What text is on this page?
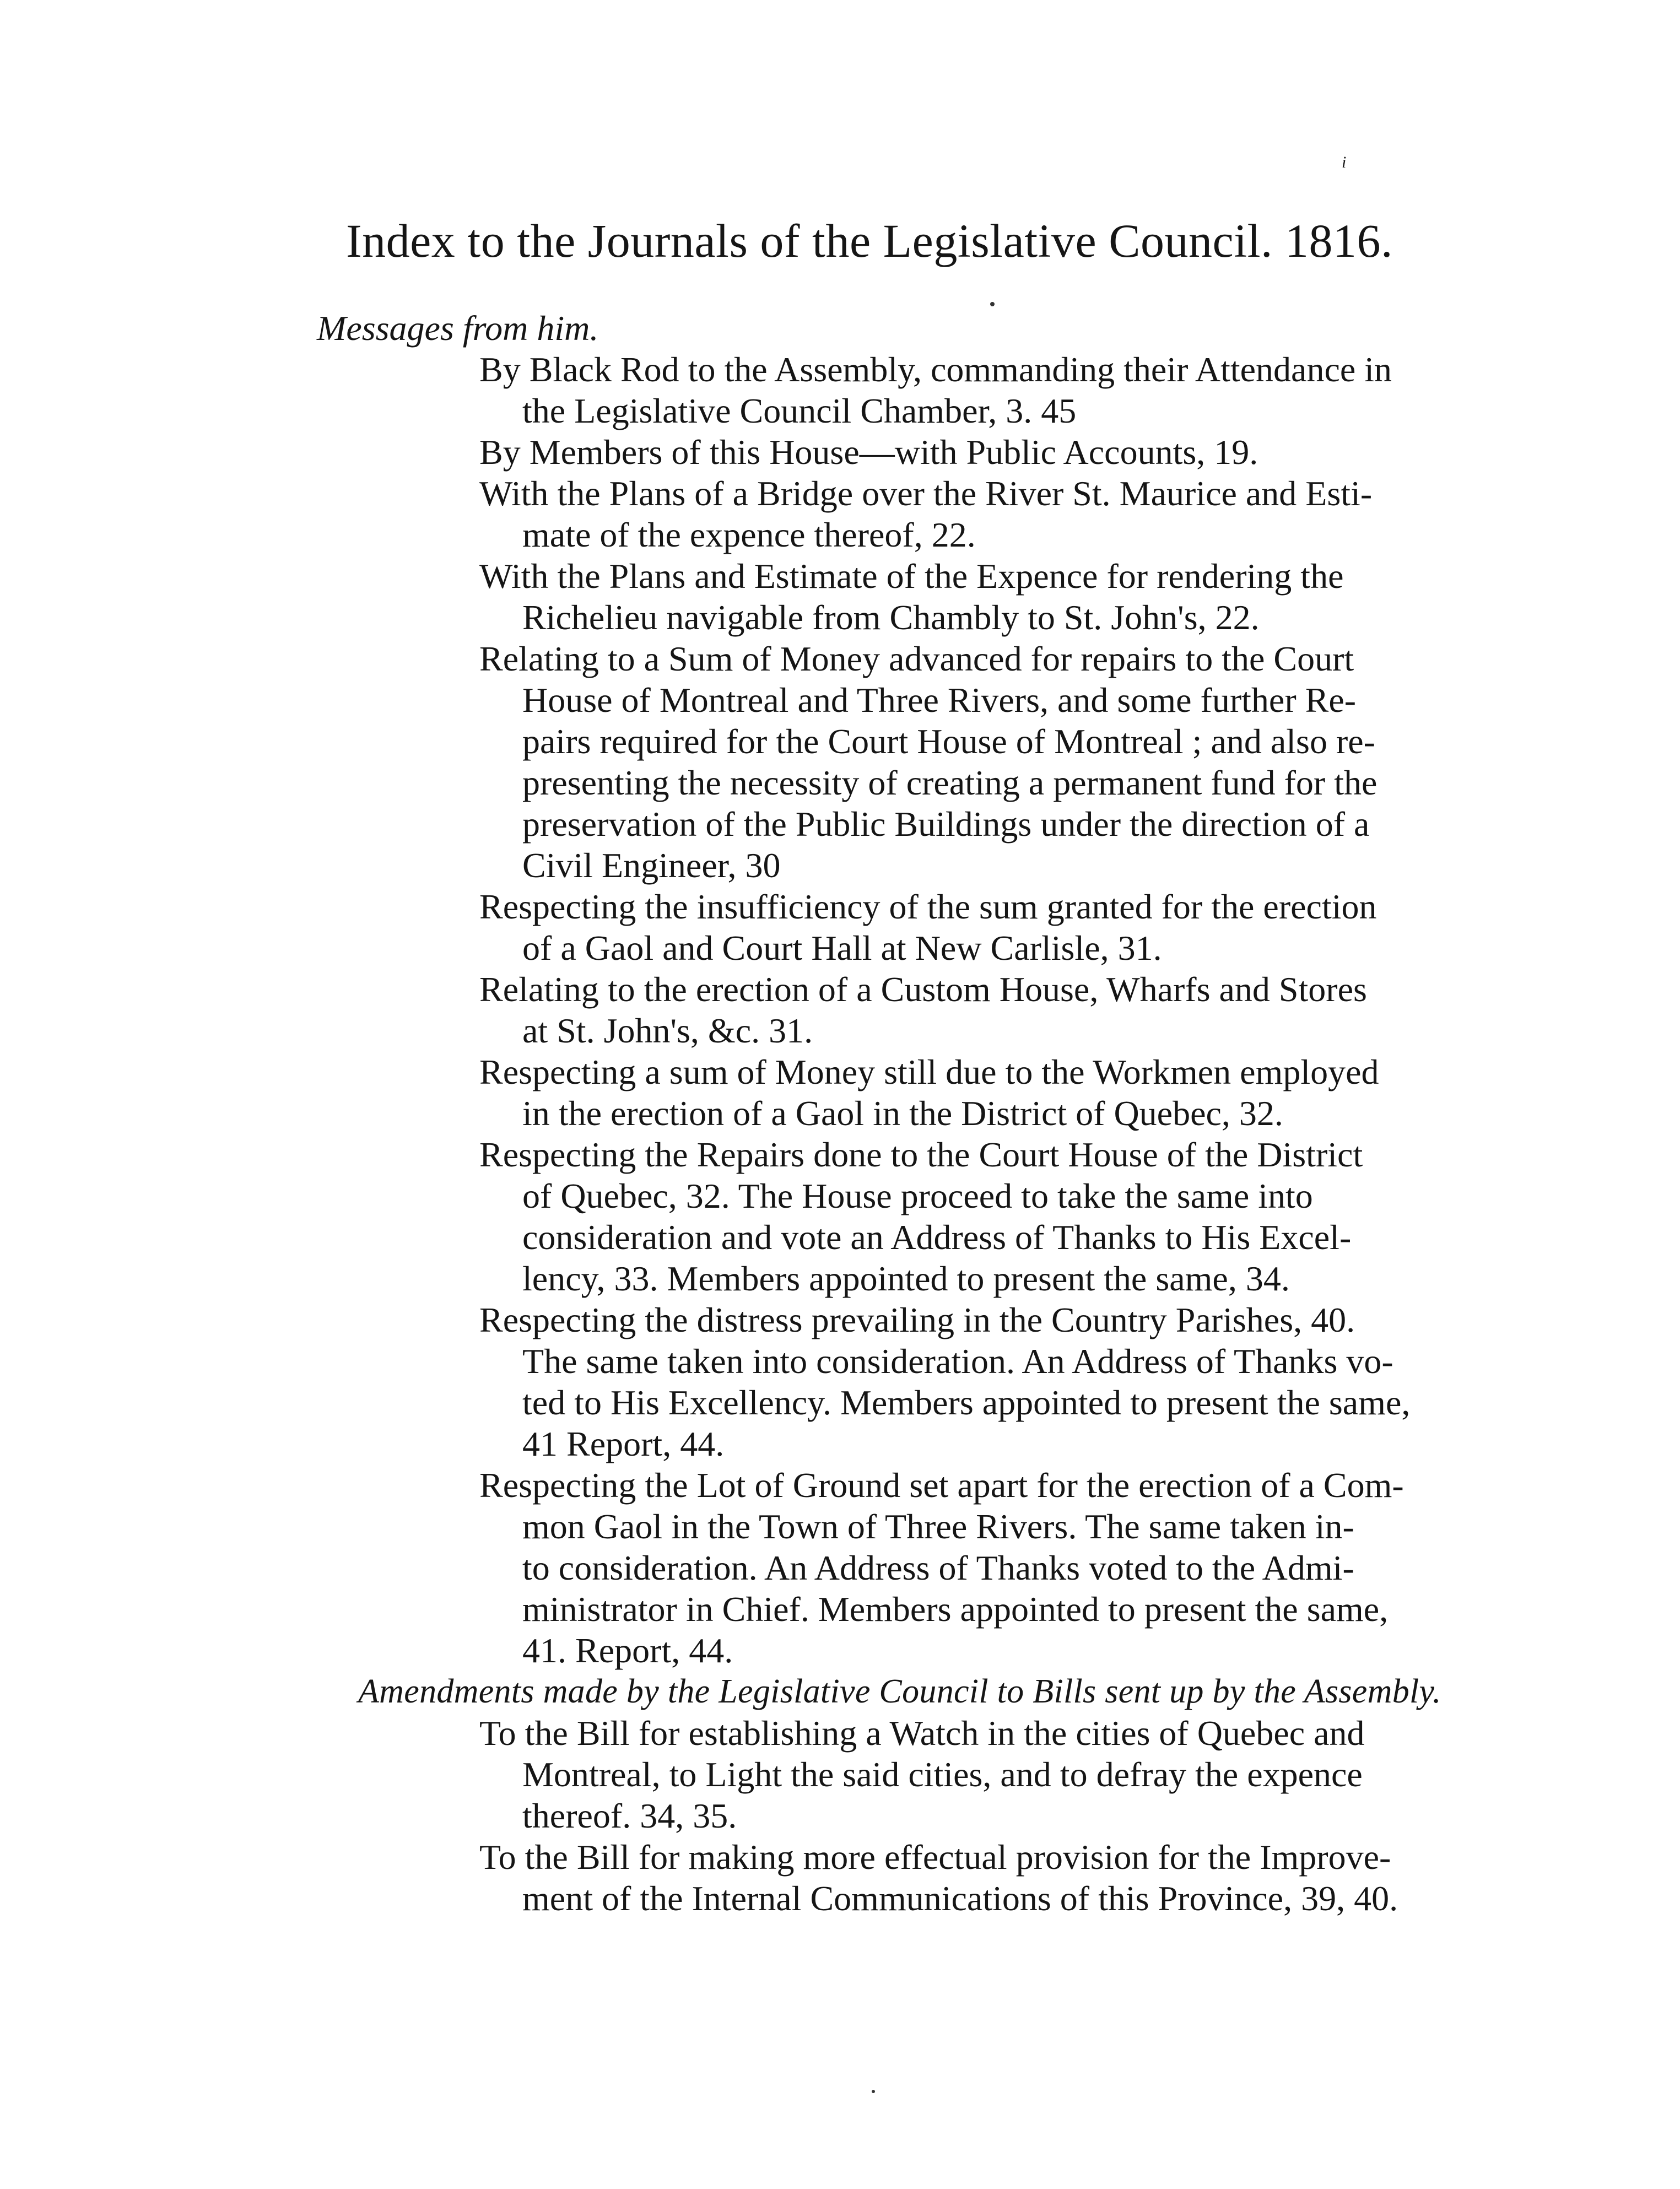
i
Index to the Journals of the Legislative Council. 1816.
Messages from him.
By Black Rod to the Assembly, commanding their Attendance in
the Legislative Council Chamber, 3. 45
By Members of this House—with Public Accounts, 19.
With the Plans of a Bridge over the River St. Maurice and Esti-
mate of the expence thereof, 22.
With the Plans and Estimate of the Expence for rendering the
Richelieu navigable from Chambly to St. John's, 22.
Relating to a Sum of Money advanced for repairs to the Court
House of Montreal and Three Rivers, and some further Re-
pairs required for the Court House of Montreal ; and also re-
presenting the necessity of creating a permanent fund for the
preservation of the Public Buildings under the direction of a
Civil Engineer, 30
Respecting the insufficiency of the sum granted for the erection
of a Gaol and Court Hall at New Carlisle, 31.
Relating to the erection of a Custom House, Wharfs and Stores
at St. John's, &c. 31.
Respecting a sum of Money still due to the Workmen employed
in the erection of a Gaol in the District of Quebec, 32.
Respecting the Repairs done to the Court House of the District
of Quebec, 32. The House proceed to take the same into
consideration and vote an Address of Thanks to His Excel-
lency, 33. Members appointed to present the same, 34.
Respecting the distress prevailing in the Country Parishes, 40.
The same taken into consideration. An Address of Thanks vo-
ted to His Excellency. Members appointed to present the same,
41 Report, 44.
Respecting the Lot of Ground set apart for the erection of a Com-
mon Gaol in the Town of Three Rivers. The same taken in-
to consideration. An Address of Thanks voted to the Admi-
ministrator in Chief. Members appointed to present the same,
41. Report, 44.
Amendments made by the Legislative Council to Bills sent up by the Assembly.
To the Bill for establishing a Watch in the cities of Quebec and
Montreal, to Light the said cities, and to defray the expence
thereof. 34, 35.
To the Bill for making more effectual provision for the Improve-
ment of the Internal Communications of this Province, 39, 40.
